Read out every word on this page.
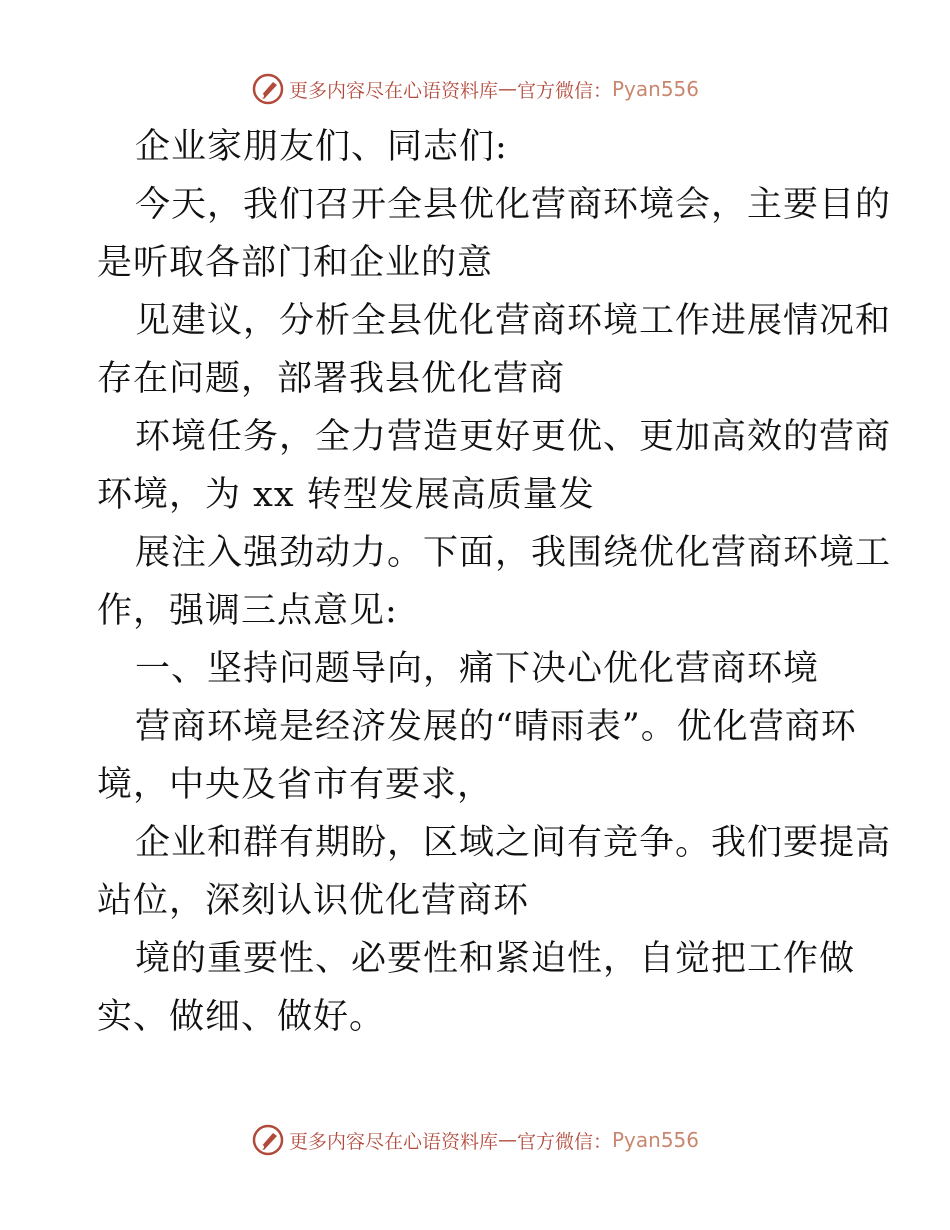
更多内容尽在心语资料库 — 官方微信： Pyan556
企业家朋友们、同志们:
今天，我们召开全县优化营商环境会，主要目的
是听取各部门和企业的意
见建议，分析全县优化营商环境工作进展情况和
存在问题，部署我县优化营商
环境任务，全力营造更好更优、更加高效的营商
环境，为 xx 转型发展高质量发
展注入强劲动力。下面，我围绕优化营商环境工
作，强调三点意见:
一、坚持问题导向，痛下决心优化营商环境
营商环境是经济发展的“晴雨表”。优化营商环
境，中央及省市有要求，
企业和群有期盼，区域之间有竞争。我们要提高
站位，深刻认识优化营商环
境的重要性、必要性和紧迫性，自觉把工作做
实、做细、做好。
更多内容尽在心语资料库 — 官方微信： Pyan556
